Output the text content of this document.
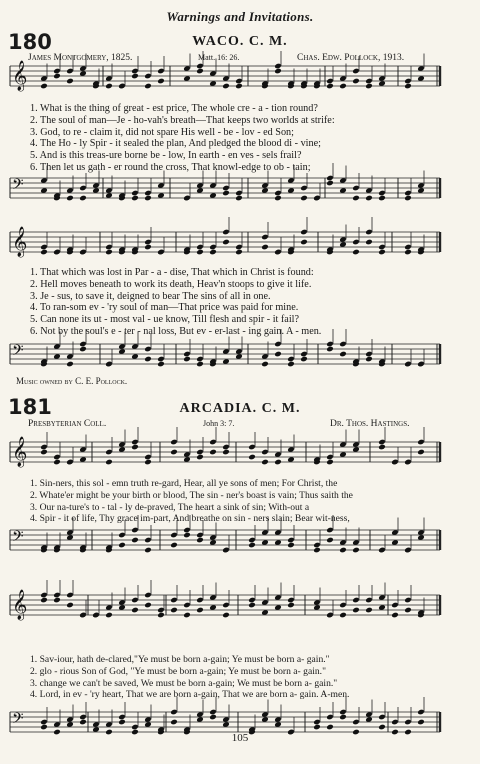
Warnings and Invitations.
180	WACO. C. M.
James Montgomery, 1825.	Matt. 16: 26.	Chas. Edw. Pollock, 1913.
𝄞
𝄢
𝄞
𝄢
𝄞
𝄢
𝄞
𝄢
1. What is the thing of great - est price, The whole cre - a - tion round?
2. The soul of man—Je - ho-vah's breath—That keeps two worlds at strife:
3. God, to re - claim it, did not spare His well - be - lov - ed Son;
4. The Ho - ly Spir - it sealed the plan, And pledged the blood di - vine;
5. And is this treas-ure borne be - low, In earth - en ves - sels frail?
6. Then let us gath - er round the cross, That knowl-edge to ob - tain;
1. That which was lost in Par - a - dise, That which in Christ is found:
2. Hell moves beneath to work its death, Heav'n stoops to give it life.
3. Je - sus, to save it, deigned to bear The sins of all in one.
4. To ran-som ev - 'ry soul of man—That price was paid for mine.
5. Can none its ut - most val - ue know, Till flesh and spir - it fail?
6. Not by the soul's e - ter - nal loss, But ev - er-last - ing gain. A - men.
Music owned by C. E. Pollock.
181	ARCADIA. C. M.
Presbyterian Coll.	John 3: 7.	Dr. Thos. Hastings.
1. Sin-ners, this sol - emn truth re-gard, Hear, all ye sons of men; For Christ, the
2. Whate'er might be your birth or blood, The sin - ner's boast is vain; Thus saith the
3. Our na-ture's to - tal - ly de-praved, The heart a sink of sin; With-out a
4. Spir - it of life, Thy grace im-part, And breathe on sin - ners slain; Bear wit-ness,
1. Sav-iour, hath de-clared,"Ye must be born a-gain; Ye must be born a- gain."
2. glo - rious Son of God, "Ye must be born a-gain; Ye must be born a- gain."
3. change we can't be saved, We must be born a-gain; We must be born a- gain."
4. Lord, in ev - 'ry heart, That we are born a-gain, That we are born a- gain. A-men.
105
